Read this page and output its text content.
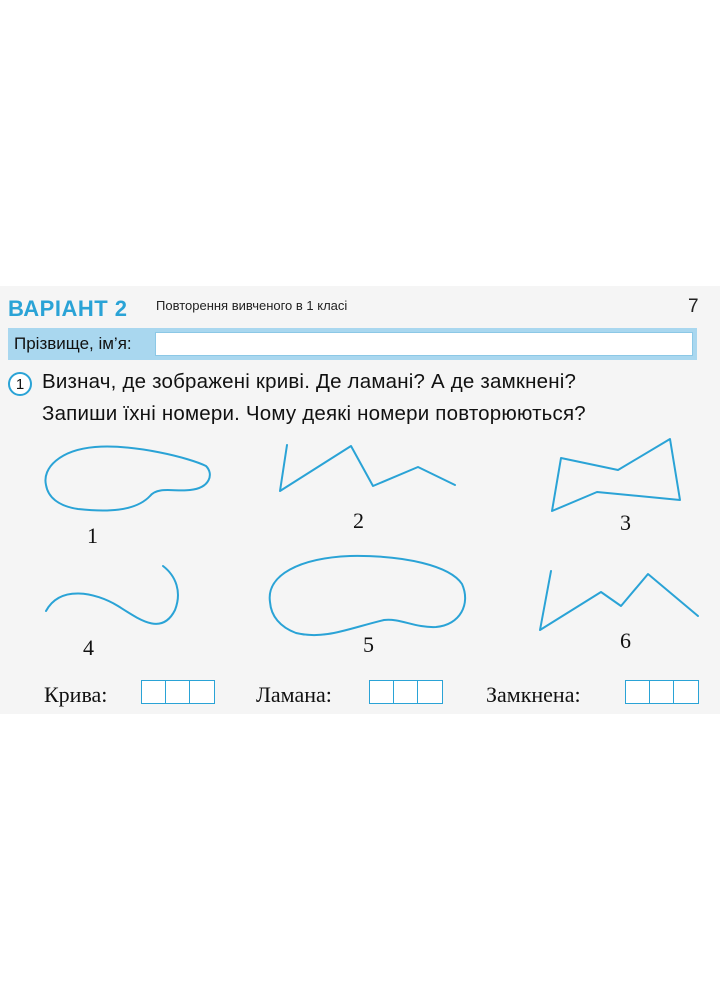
ВАРІАНТ 2 Повторення вивченого в 1 класі	7
Прізвище, ім’я:
1 Визнач, де зображені криві. Де ламані? А де замкнені?
Запиши їхні номери. Чому деякі номери повторюються?
1
2	3
4	5	6
Крива:	Ламана:	Замкнена:
